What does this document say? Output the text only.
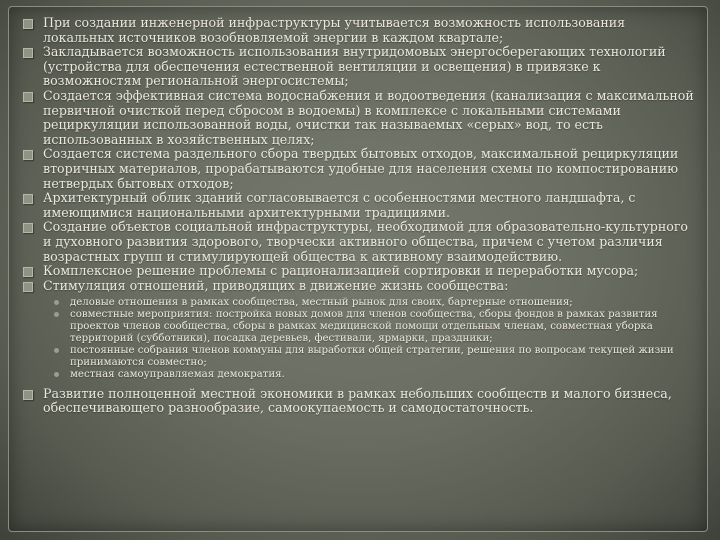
При создании инженерной инфраструктуры учитывается возможность использования локальных источников возобновляемой энергии в каждом квартале;
Закладывается возможность использования внутридомовых энергосберегающих технологий (устройства для обеспечения естественной вентиляции и освещения) в привязке к возможностям региональной энергосистемы;
Создается эффективная система водоснабжения и водоотведения (канализация с максимальной первичной очисткой перед сбросом в водоемы) в комплексе с локальными системами рециркуляции использованной воды, очистки так называемых «серых» вод, то есть использованных в хозяйственных целях;
Создается система раздельного сбора твердых бытовых отходов, максимальной рециркуляции вторичных материалов, прорабатываются удобные для населения схемы по компостированию нетвердых бытовых отходов;
Архитектурный облик зданий согласовывается с особенностями местного ландшафта, с имеющимися национальными архитектурными традициями.
Создание объектов социальной инфраструктуры, необходимой для образовательно-культурного и духовного развития здорового, творчески активного общества, причем с учетом различия возрастных групп и стимулирующей общества к активному взаимодействию.
Комплексное решение проблемы с рационализацией сортировки и переработки мусора;
Стимуляция отношений, приводящих в движение жизнь сообщества:
деловые отношения в рамках сообщества, местный рынок для своих, бартерные отношения;
совместные мероприятия: постройка новых домов для членов сообщества, сборы фондов в рамках развития проектов членов сообщества, сборы в рамках медицинской помощи отдельным членам, совместная уборка территорий (субботники), посадка деревьев, фестивали, ярмарки, праздники;
постоянные собрания членов коммуны для выработки общей стратегии, решения по вопросам текущей жизни принимаются совместно;
местная самоуправляемая демократия.
Развитие полноценной местной экономики в рамках небольших сообществ и малого бизнеса, обеспечивающего разнообразие, самоокупаемость и самодостаточность.
